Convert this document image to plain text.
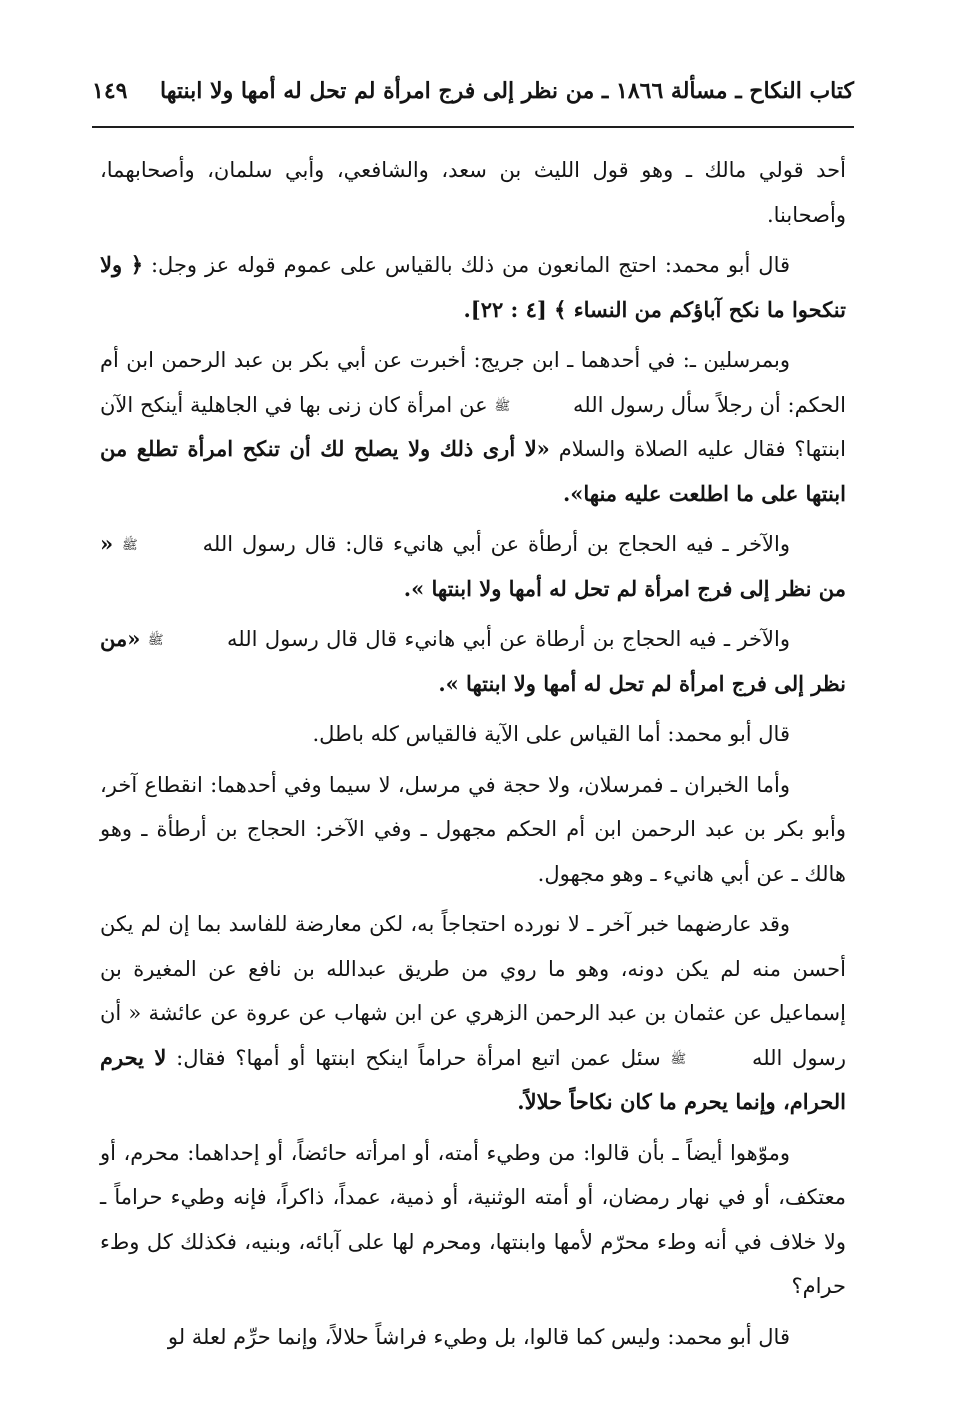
كتاب النكاح ـ مسألة ١٨٦٦ ـ من نظر إلى فرج امرأة لم تحل له أمها ولا ابنتها
١٤٩

أحد قولي مالك ـ وهو قول الليث بن سعد، والشافعي، وأبي سلمان، وأصحابهما، وأصحابنا.

قال أبو محمد: احتج المانعون من ذلك بالقياس على عموم قوله عز وجل: ﴿ ولا تنكحوا ما نكح آباؤكم من النساء ﴾ [٤ : ٢٢].

وبمرسلين ـ: في أحدهما ـ ابن جريج: أخبرت عن أبي بكر بن عبد الرحمن ابن أم الحكم: أن رجلاً سأل رسول الله ﷺ عن امرأة كان زنى بها في الجاهلية أينكح الآن ابنتها؟ فقال عليه الصلاة والسلام «لا أرى ذلك ولا يصلح لك أن تنكح امرأة تطلع من ابنتها على ما اطلعت عليه منها».

والآخر ـ فيه الحجاج بن أرطأة عن أبي هانيء قال: قال رسول الله ﷺ « من نظر إلى فرج امرأة لم تحل له أمها ولا ابنتها ».

والآخر ـ فيه الحجاج بن أرطاة عن أبي هانيء قال قال رسول الله ﷺ «من نظر إلى فرج امرأة لم تحل له أمها ولا ابنتها ».

قال أبو محمد: أما القياس على الآية فالقياس كله باطل.

وأما الخبران ـ فمرسلان، ولا حجة في مرسل، لا سيما وفي أحدهما: انقطاع آخر، وأبو بكر بن عبد الرحمن ابن أم الحكم مجهول ـ وفي الآخر: الحجاج بن أرطأة ـ وهو هالك ـ عن أبي هانيء ـ وهو مجهول.

وقد عارضهما خبر آخر ـ لا نورده احتجاجاً به، لكن معارضة للفاسد بما إن لم يكن أحسن منه لم يكن دونه، وهو ما روي من طريق عبدالله بن نافع عن المغيرة بن إسماعيل عن عثمان بن عبد الرحمن الزهري عن ابن شهاب عن عروة عن عائشة « أن رسول الله ﷺ سئل عمن اتبع امرأة حراماً اينكح ابنتها أو أمها؟ فقال: لا يحرم الحرام، وإنما يحرم ما كان نكاحاً حلالاً.

وموّهوا أيضاً ـ بأن قالوا: من وطيء أمته، أو امرأته حائضاً، أو إحداهما: محرم، أو معتكف، أو في نهار رمضان، أو أمته الوثنية، أو ذمية، عمداً، ذاكراً، فإنه وطيء حراماً ـ ولا خلاف في أنه وطء محرّم لأمها وابنتها، ومحرم لها على آبائه، وبنيه، فكذلك كل وطء حرام؟

قال أبو محمد: وليس كما قالوا، بل وطيء فراشاً حلالاً، وإنما حرِّم لعلة لو
